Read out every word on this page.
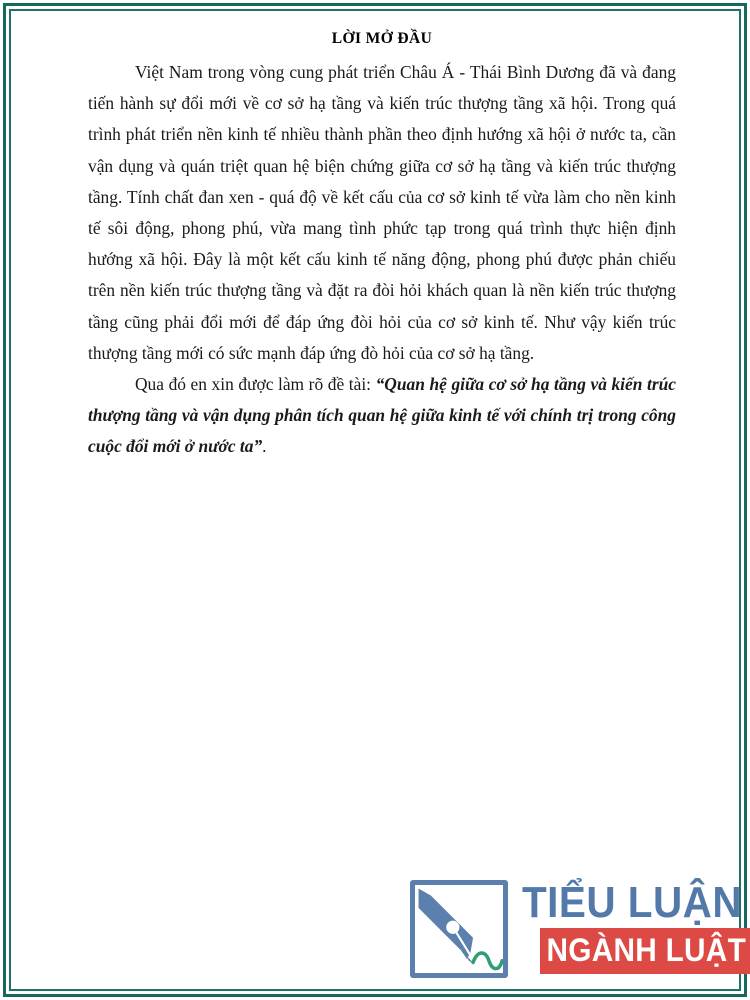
LỜI MỞ ĐẦU

Việt Nam trong vòng cung phát triển Châu Á - Thái Bình Dương đã và đang tiến hành sự đổi mới về cơ sở hạ tầng và kiến trúc thượng tầng xã hội. Trong quá trình phát triển nền kinh tế nhiều thành phần theo định hướng xã hội ở nước ta, cần vận dụng và quán triệt quan hệ biện chứng giữa cơ sở hạ tầng và kiến trúc thượng tầng. Tính chất đan xen - quá độ về kết cấu của cơ sở kinh tế vừa làm cho nền kinh tế sôi động, phong phú, vừa mang tình phức tạp trong quá trình thực hiện định hướng xã hội. Đây là một kết cấu kinh tế năng động, phong phú được phản chiếu trên nền kiến trúc thượng tầng và đặt ra đòi hỏi khách quan là nền kiến trúc thượng tầng cũng phải đổi mới để đáp ứng đòi hỏi của cơ sở kinh tế. Như vậy kiến trúc thượng tầng mới có sức mạnh đáp ứng đò hỏi của cơ sở hạ tầng.

Qua đó en xin được làm rõ đề tài: “Quan hệ giữa cơ sở hạ tầng và kiến trúc thượng tầng và vận dụng phân tích quan hệ giữa kinh tế với chính trị trong công cuộc đổi mới ở nước ta”.

TIỂU LUẬN
NGÀNH LUẬT
